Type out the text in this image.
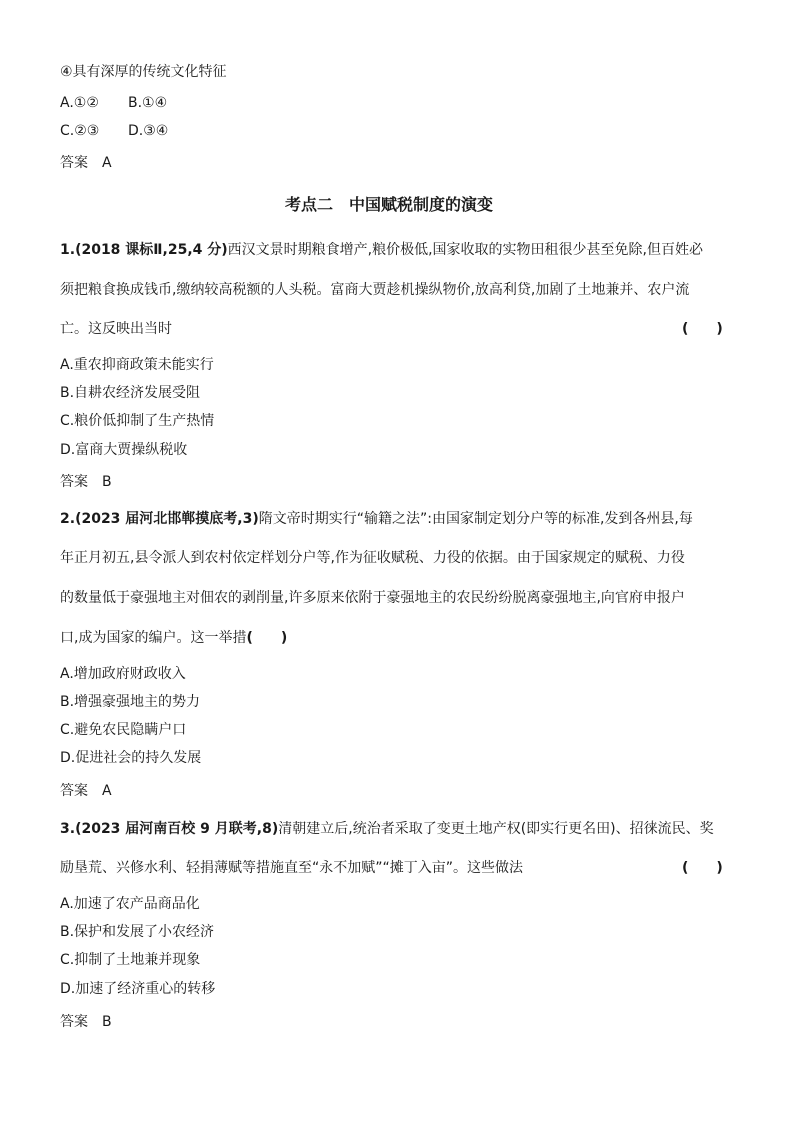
④具有深厚的传统文化特征
A.①② B.①④
C.②③ D.③④
答案　A
考点二　中国赋税制度的演变
1.(2018 课标Ⅱ,25,4 分)西汉文景时期粮食增产,粮价极低,国家收取的实物田租很少甚至免除,但百姓必
须把粮食换成钱币,缴纳较高税额的人头税。富商大贾趁机操纵物价,放高利贷,加剧了土地兼并、农户流
亡。这反映出当时	(　　)
A.重农抑商政策未能实行
B.自耕农经济发展受阻
C.粮价低抑制了生产热情
D.富商大贾操纵税收
答案　B
2.(2023 届河北邯郸摸底考,3)隋文帝时期实行“输籍之法”:由国家制定划分户等的标准,发到各州县,每
年正月初五,县令派人到农村依定样划分户等,作为征收赋税、力役的依据。由于国家规定的赋税、力役
的数量低于豪强地主对佃农的剥削量,许多原来依附于豪强地主的农民纷纷脱离豪强地主,向官府申报户
口,成为国家的编户。这一举措(　　)
A.增加政府财政收入
B.增强豪强地主的势力
C.避免农民隐瞒户口
D.促进社会的持久发展
答案　A
3.(2023 届河南百校 9 月联考,8)清朝建立后,统治者采取了变更土地产权(即实行更名田)、招徕流民、奖
励垦荒、兴修水利、轻捐薄赋等措施直至“永不加赋”“摊丁入亩”。这些做法	(　　)
A.加速了农产品商品化
B.保护和发展了小农经济
C.抑制了土地兼并现象
D.加速了经济重心的转移
答案　B
